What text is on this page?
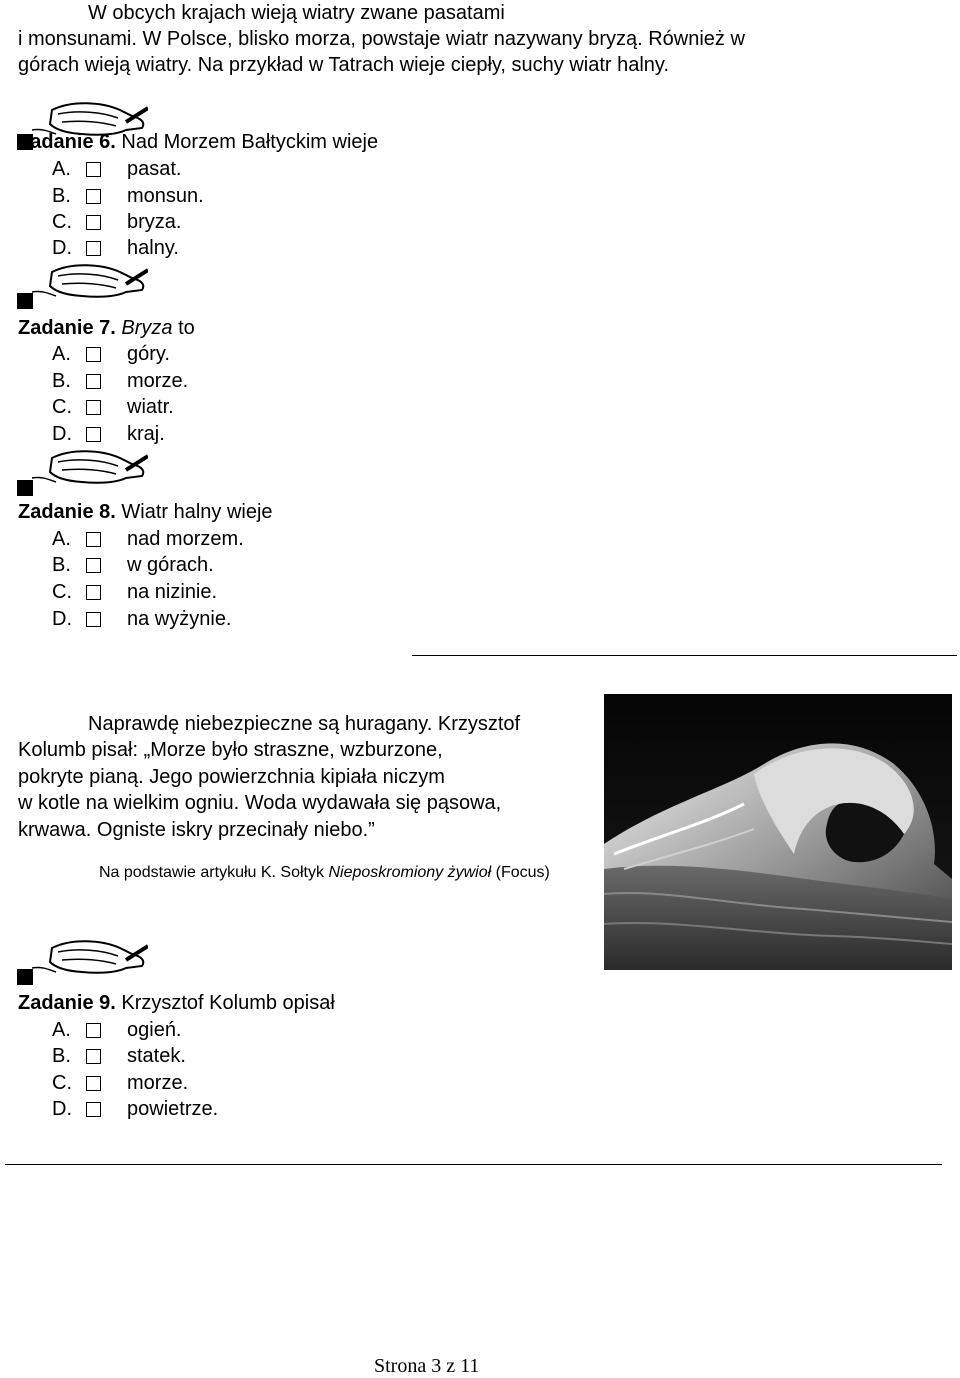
W obcych krajach wieją wiatry zwane pasatami
i monsunami. W Polsce, blisko morza, powstaje wiatr nazywany bryzą. Również w
górach wieją wiatry. Na przykład w Tatrach wieje ciepły, suchy wiatr halny.
Zadanie 6. Nad Morzem Bałtyckim wieje
A.	pasat.
B.	monsun.
C.	bryza.
D.	halny.
Zadanie 7. Bryza to
A.	góry.
B.	morze.
C.	wiatr.
D.	kraj.
Zadanie 8. Wiatr halny wieje
A.	nad morzem.
B.	w górach.
C.	na nizinie.
D.	na wyżynie.
Naprawdę niebezpieczne są huragany. Krzysztof
Kolumb pisał: „Morze było straszne, wzburzone,
pokryte pianą. Jego powierzchnia kipiała niczym
w kotle na wielkim ogniu. Woda wydawała się pąsowa,
krwawa. Ogniste iskry przecinały niebo.”
Na podstawie artykułu K. Sołtyk Nieposkromiony żywioł (Focus)
Zadanie 9. Krzysztof Kolumb opisał
A.	ogień.
B.	statek.
C.	morze.
D.	powietrze.
Strona 3 z 11
